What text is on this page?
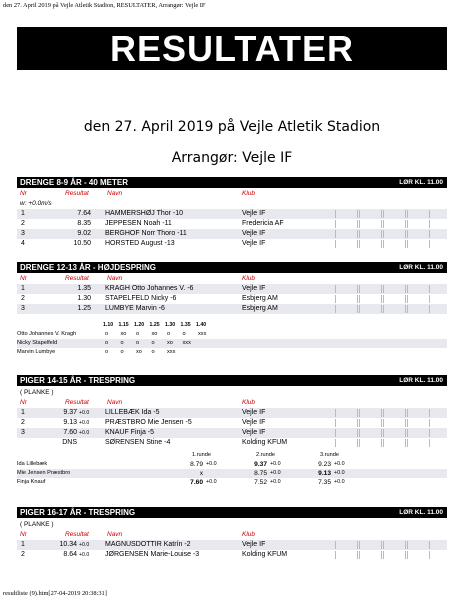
den 27. April 2019 på Vejle Atletik Stadion, RESULTATER, Arrangør: Vejle IF
RESULTATER
den 27. April 2019 på Vejle Atletik Stadion
Arrangør: Vejle IF
DRENGE 8-9 ÅR - 40 METER	LØR KL. 11.00
Nr	Resultat	Navn	Klub
w: +0.0m/s
1	7.64 HAMMERSHØJ Thor -10	Vejle IF
2	8.35 JEPPESEN Noah -11	Fredericia AF
3	9.02 BERGHOF Norr Thoro -11	Vejle IF
4	10.50 HORSTED August -13	Vejle IF
DRENGE 12-13 ÅR - HØJDESPRING	LØR KL. 11.00
Nr	Resultat	Navn	Klub
1	1.35 KRAGH Otto Johannes V. -6	Vejle IF
2	1.30 STAPELFELD Nicky -6	Esbjerg AM
3	1.25 LUMBYE Marvin -6	Esbjerg AM
1.10 1.15 1.20 1.25 1.30 1.35 1.40
Otto Johannes V. Kragh	o xo o xo o o xxx
Nicky Stapelfeld	o o o o xo xxx
Marvin Lumbye	o o xo o xxx
PIGER 14-15 ÅR - TRESPRING	LØR KL. 11.00
( PLANKE )
Nr	Resultat	Navn	Klub
1	9.37 +0.0 LILLEBÆK Ida -5	Vejle IF
2	9.13 +0.0 PRÆSTBRO Mie Jensen -5	Vejle IF
3	7.60 +0.0 KNAUF Finja -5	Vejle IF
DNS	SØRENSEN Stine -4	Kolding KFUM
1.runde	2.runde	3.runde
Ida Lillebæk	8.79 +0.0	9.37 +0.0	9.23 +0.0
Mie Jensen Præstbro	x	8.75 +0.0	9.13 +0.0
Finja Knauf	7.60 +0.0	7.52 +0.0	7.35 +0.0
PIGER 16-17 ÅR - TRESPRING	LØR KL. 11.00
( PLANKE )
Nr	Resultat	Navn	Klub
1	10.34 +0.0 MAGNUSDOTTIR Katrín -2	Vejle IF
2	8.64 +0.0 JØRGENSEN Marie-Louise -3	Kolding KFUM
resultliste (9).htm[27-04-2019 20:38:31]
